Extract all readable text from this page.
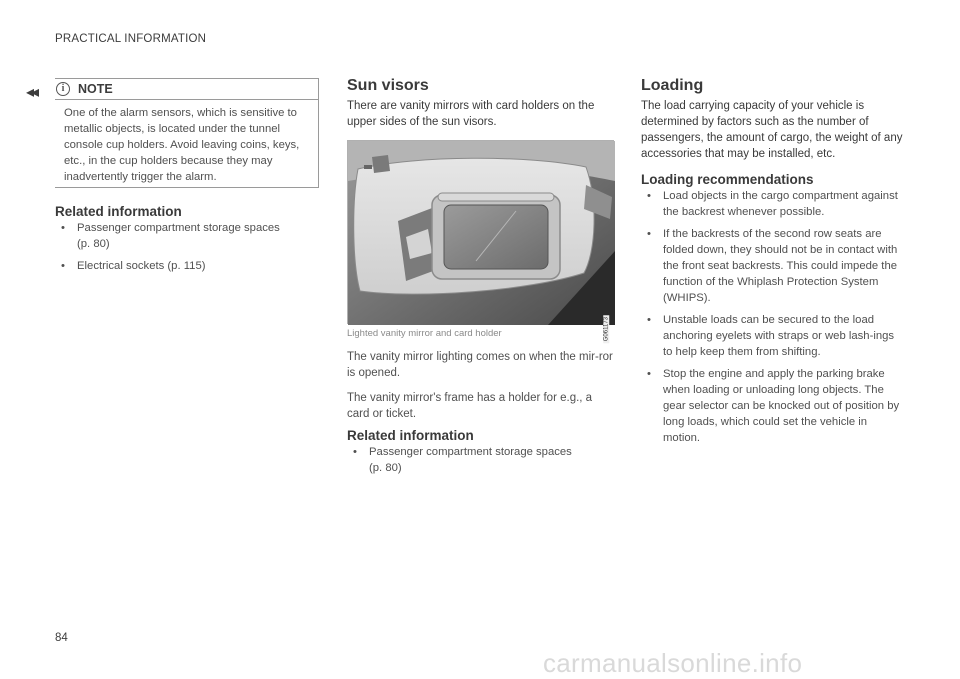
PRACTICAL INFORMATION
◂◂
84
carmanualsonline.info
i	NOTE
One of the alarm sensors, which is sensitive to metallic objects, is located under the tunnel console cup holders. Avoid leaving coins, keys, etc., in the cup holders because they may inadvertently trigger the alarm.
Related information
• Passenger compartment storage spaces
(p. 80)
• Electrical sockets (p. 115)
Sun visors

There are vanity mirrors with card holders on the upper sides of the sun visors.

G061173
Lighted vanity mirror and card holder

The vanity mirror lighting comes on when the mir-ror is opened.

The vanity mirror's frame has a holder for e.g., a card or ticket.

Related information
• Passenger compartment storage spaces
(p. 80)
Loading

The load carrying capacity of your vehicle is determined by factors such as the number of passengers, the amount of cargo, the weight of any accessories that may be installed, etc.

Loading recommendations
• Load objects in the cargo compartment against the backrest whenever possible.
• If the backrests of the second row seats are folded down, they should not be in contact with the front seat backrests. This could impede the function of the Whiplash Protection System (WHIPS).
• Unstable loads can be secured to the load anchoring eyelets with straps or web lash-ings to help keep them from shifting.
• Stop the engine and apply the parking brake when loading or unloading long objects. The gear selector can be knocked out of position by long loads, which could set the vehicle in motion.
